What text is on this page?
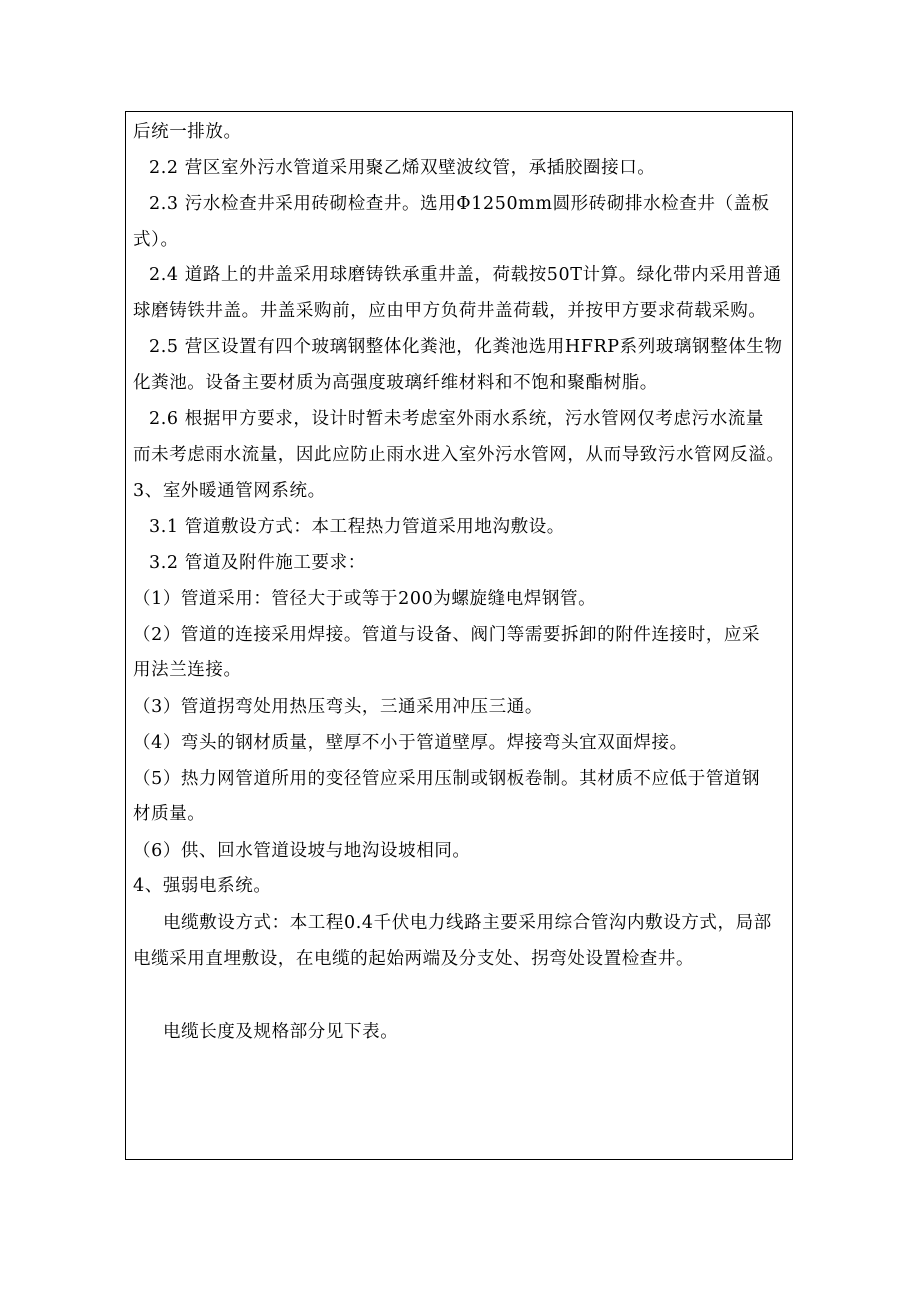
后统一排放。
2.2 营区室外污水管道采用聚乙烯双壁波纹管，承插胶圈接口。
2.3 污水检查井采用砖砌检查井。选用Φ1250mm圆形砖砌排水检查井（盖板
式）。
2.4 道路上的井盖采用球磨铸铁承重井盖，荷载按50T计算。绿化带内采用普通
球磨铸铁井盖。井盖采购前，应由甲方负荷井盖荷载，并按甲方要求荷载采购。
2.5 营区设置有四个玻璃钢整体化粪池，化粪池选用HFRP系列玻璃钢整体生物
化粪池。设备主要材质为高强度玻璃纤维材料和不饱和聚酯树脂。
2.6 根据甲方要求，设计时暂未考虑室外雨水系统，污水管网仅考虑污水流量
而未考虑雨水流量，因此应防止雨水进入室外污水管网，从而导致污水管网反溢。
3、室外暖通管网系统。
3.1 管道敷设方式：本工程热力管道采用地沟敷设。
3.2 管道及附件施工要求：
（1）管道采用：管径大于或等于200为螺旋缝电焊钢管。
（2）管道的连接采用焊接。管道与设备、阀门等需要拆卸的附件连接时，应采
用法兰连接。
（3）管道拐弯处用热压弯头，三通采用冲压三通。
（4）弯头的钢材质量，壁厚不小于管道壁厚。焊接弯头宜双面焊接。
（5）热力网管道所用的变径管应采用压制或钢板卷制。其材质不应低于管道钢
材质量。
（6）供、回水管道设坡与地沟设坡相同。
4、强弱电系统。
电缆敷设方式：本工程0.4千伏电力线路主要采用综合管沟内敷设方式，局部
电缆采用直埋敷设，在电缆的起始两端及分支处、拐弯处设置检查井。
电缆长度及规格部分见下表。
